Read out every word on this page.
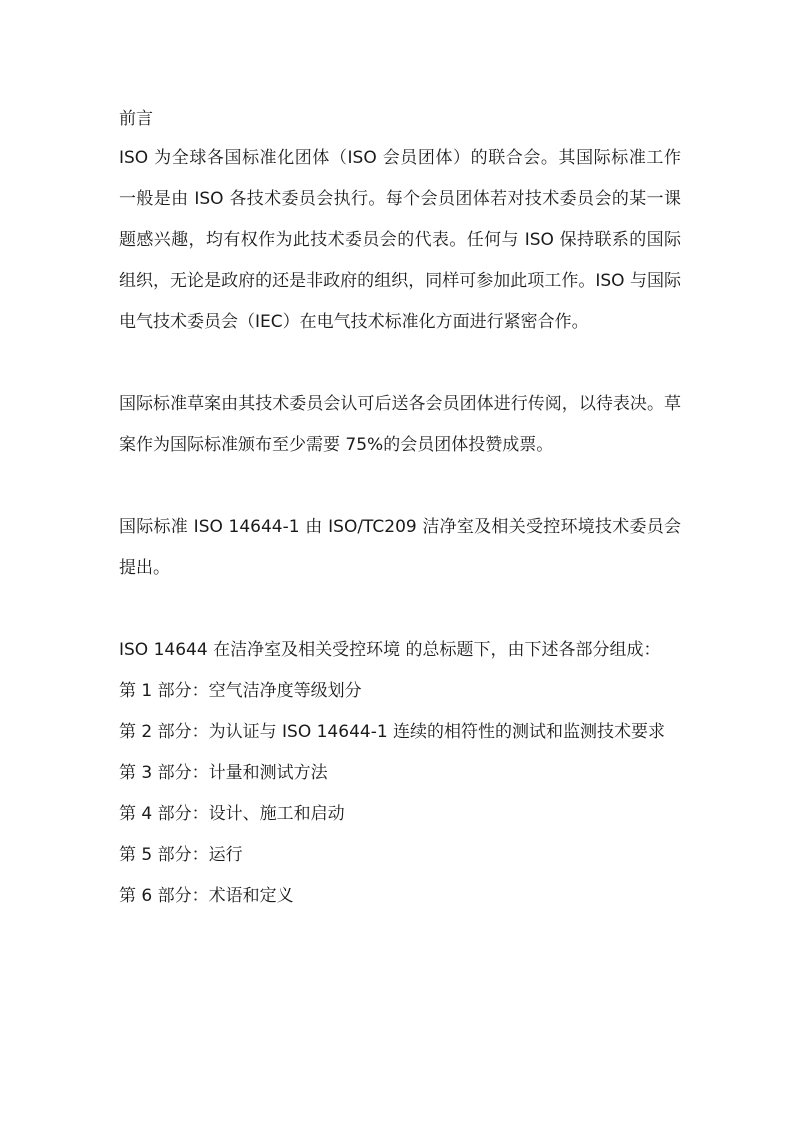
前言

ISO 为全球各国标准化团体（ISO 会员团体）的联合会。其国际标准工作一般是由 ISO 各技术委员会执行。每个会员团体若对技术委员会的某一课题感兴趣，均有权作为此技术委员会的代表。任何与 ISO 保持联系的国际组织，无论是政府的还是非政府的组织，同样可参加此项工作。ISO 与国际电气技术委员会（IEC）在电气技术标准化方面进行紧密合作。

国际标准草案由其技术委员会认可后送各会员团体进行传阅，以待表决。草案作为国际标准颁布至少需要 75%的会员团体投赞成票。

国际标准 ISO 14644-1 由 ISO/TC209 洁净室及相关受控环境技术委员会提出。

ISO 14644 在洁净室及相关受控环境 的总标题下，由下述各部分组成：

第 1 部分：空气洁净度等级划分
第 2 部分：为认证与 ISO 14644-1 连续的相符性的测试和监测技术要求
第 3 部分：计量和测试方法
第 4 部分：设计、施工和启动
第 5 部分：运行
第 6 部分：术语和定义
